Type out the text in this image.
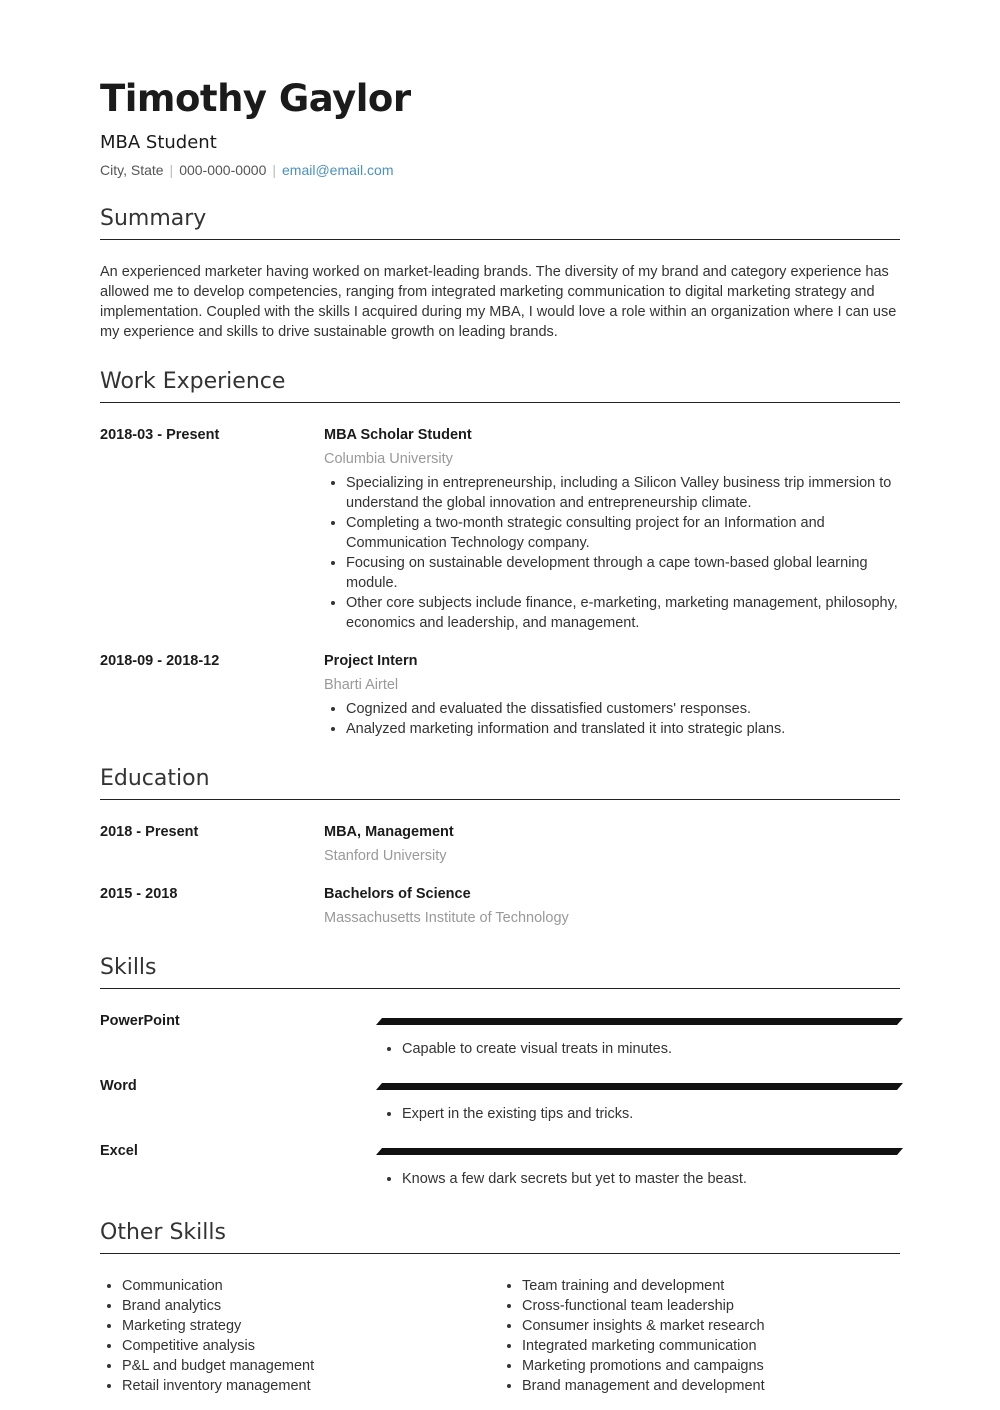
Timothy Gaylor
MBA Student
City, State | 000-000-0000 | email@email.com
Summary
An experienced marketer having worked on market-leading brands. The diversity of my brand and category experience has allowed me to develop competencies, ranging from integrated marketing communication to digital marketing strategy and implementation. Coupled with the skills I acquired during my MBA, I would love a role within an organization where I can use my experience and skills to drive sustainable growth on leading brands.
Work Experience
2018-03 - Present	MBA Scholar Student
Columbia University
• Specializing in entrepreneurship, including a Silicon Valley business trip immersion to understand the global innovation and entrepreneurship climate.
• Completing a two-month strategic consulting project for an Information and Communication Technology company.
• Focusing on sustainable development through a cape town-based global learning module.
• Other core subjects include finance, e-marketing, marketing management, philosophy, economics and leadership, and management.
2018-09 - 2018-12	Project Intern
Bharti Airtel
• Cognized and evaluated the dissatisfied customers' responses.
• Analyzed marketing information and translated it into strategic plans.
Education
2018 - Present	MBA, Management
Stanford University
2015 - 2018	Bachelors of Science
Massachusetts Institute of Technology
Skills
PowerPoint
• Capable to create visual treats in minutes.
Word
• Expert in the existing tips and tricks.
Excel
• Knows a few dark secrets but yet to master the beast.
Other Skills
• Communication
• Brand analytics
• Marketing strategy
• Competitive analysis
• P&L and budget management
• Retail inventory management
• Team training and development
• Cross-functional team leadership
• Consumer insights & market research
• Integrated marketing communication
• Marketing promotions and campaigns
• Brand management and development
